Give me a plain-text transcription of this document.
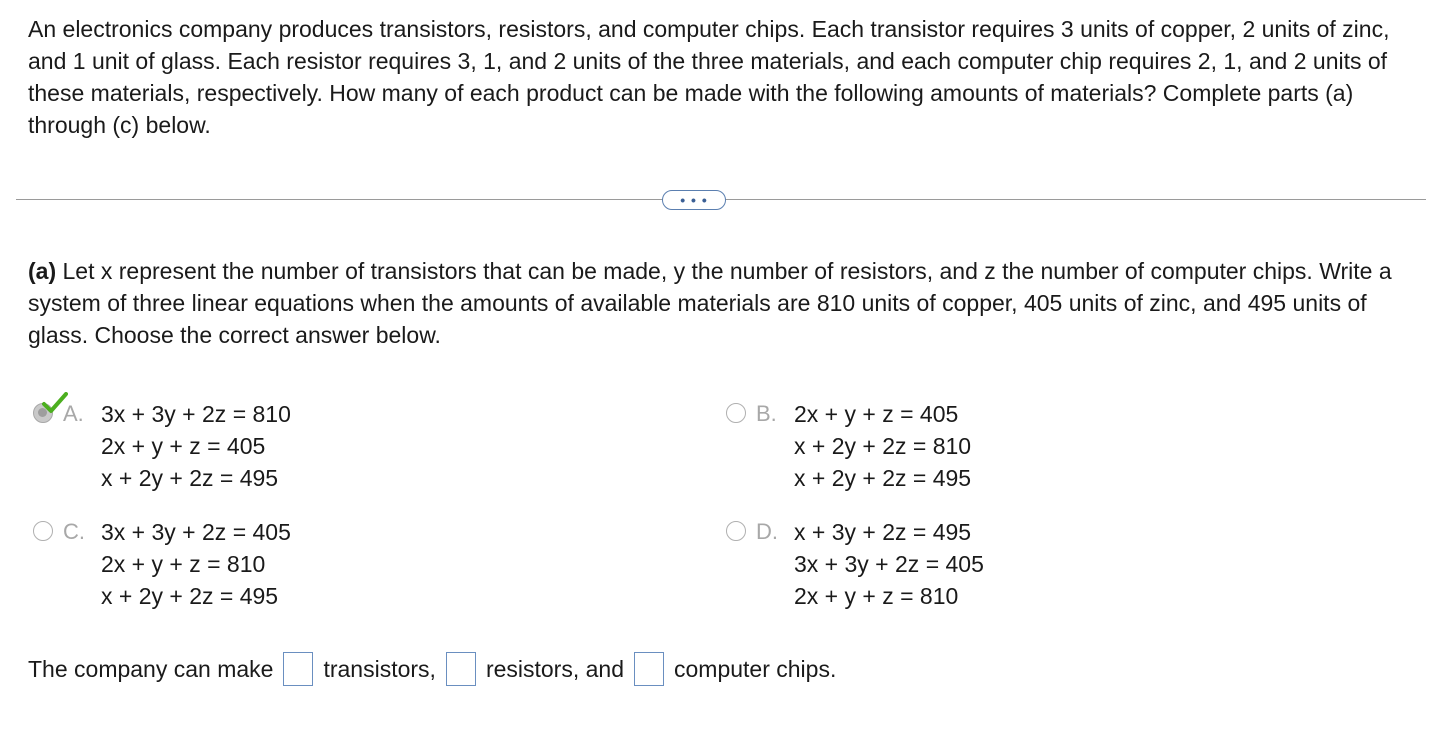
An electronics company produces transistors, resistors, and computer chips. Each transistor requires 3 units of copper, 2 units of zinc, and 1 unit of glass. Each resistor requires 3, 1, and 2 units of the three materials, and each computer chip requires 2, 1, and 2 units of these materials, respectively. How many of each product can be made with the following amounts of materials? Complete parts (a) through (c) below.

• • •

(a) Let x represent the number of transistors that can be made, y the number of resistors, and z the number of computer chips. Write a system of three linear equations when the amounts of available materials are 810 units of copper, 405 units of zinc, and 495 units of glass. Choose the correct answer below.

A. 3x + 3y + 2z = 810
2x + y + z = 405
x + 2y + 2z = 495
B. 2x + y + z = 405
x + 2y + 2z = 810
x + 2y + 2z = 495
C. 3x + 3y + 2z = 405
2x + y + z = 810
x + 2y + 2z = 495
D. x + 3y + 2z = 495
3x + 3y + 2z = 405
2x + y + z = 810
The company can make transistors, resistors, and computer chips.
